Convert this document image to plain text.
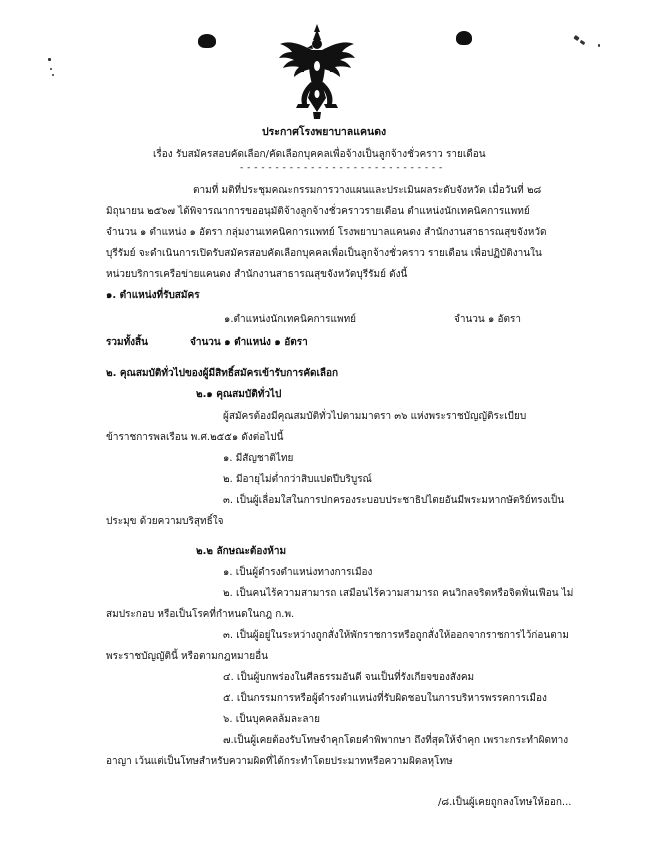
ประกาศโรงพยาบาลแคนดง
เรื่อง รับสมัครสอบคัดเลือก/คัดเลือกบุคคลเพื่อจ้างเป็นลูกจ้างชั่วคราว รายเดือน
- - - - - - - - - - - - - - - - - - - - - - - - - - - - -
ตามที่ มติที่ประชุมคณะกรรมการวางแผนและประเมินผลระดับจังหวัด เมื่อวันที่ ๒๘
มิถุนายน ๒๕๖๗ ได้พิจารณาการขออนุมัติจ้างลูกจ้างชั่วคราวรายเดือน ตำแหน่งนักเทคนิคการแพทย์
จำนวน ๑ ตำแหน่ง ๑ อัตรา กลุ่มงานเทคนิคการแพทย์ โรงพยาบาลแคนดง สำนักงานสาธารณสุขจังหวัด
บุรีรัมย์ จะดำเนินการเปิดรับสมัครสอบคัดเลือกบุคคลเพื่อเป็นลูกจ้างชั่วคราว รายเดือน เพื่อปฏิบัติงานใน
หน่วยบริการเครือข่ายแคนดง สำนักงานสาธารณสุขจังหวัดบุรีรัมย์ ดังนี้
๑. ตำแหน่งที่รับสมัคร
๑.ตำแหน่งนักเทคนิคการแพทย์	จำนวน ๑ อัตรา
รวมทั้งสิ้น	จำนวน ๑ ตำแหน่ง ๑ อัตรา
๒. คุณสมบัติทั่วไปของผู้มีสิทธิ์สมัครเข้ารับการคัดเลือก
๒.๑ คุณสมบัติทั่วไป
ผู้สมัครต้องมีคุณสมบัติทั่วไปตามมาตรา ๓๖ แห่งพระราชบัญญัติระเบียบ
ข้าราชการพลเรือน พ.ศ.๒๕๕๑ ดังต่อไปนี้
๑. มีสัญชาติไทย
๒. มีอายุไม่ต่ำกว่าสิบแปดปีบริบูรณ์
๓. เป็นผู้เลื่อมใสในการปกครองระบอบประชาธิปไตยอันมีพระมหากษัตริย์ทรงเป็น
ประมุข ด้วยความบริสุทธิ์ใจ
๒.๒ ลักษณะต้องห้าม
๑. เป็นผู้ดำรงตำแหน่งทางการเมือง
๒. เป็นคนไร้ความสามารถ เสมือนไร้ความสามารถ คนวิกลจริตหรือจิตฟั่นเฟือน ไม่
สมประกอบ หรือเป็นโรคที่กำหนดในกฎ ก.พ.
๓. เป็นผู้อยู่ในระหว่างถูกสั่งให้พักราชการหรือถูกสั่งให้ออกจากราชการไว้ก่อนตาม
พระราชบัญญัตินี้ หรือตามกฎหมายอื่น
๔. เป็นผู้บกพร่องในศีลธรรมอันดี จนเป็นที่รังเกียจของสังคม
๕. เป็นกรรมการหรือผู้ดำรงตำแหน่งที่รับผิดชอบในการบริหารพรรคการเมือง
๖. เป็นบุคคลล้มละลาย
๗.เป็นผู้เคยต้องรับโทษจำคุกโดยคำพิพากษา ถึงที่สุดให้จำคุก เพราะกระทำผิดทาง
อาญา เว้นแต่เป็นโทษสำหรับความผิดที่ได้กระทำโดยประมาทหรือความผิดลหุโทษ
/๘.เป็นผู้เคยถูกลงโทษให้ออก...
